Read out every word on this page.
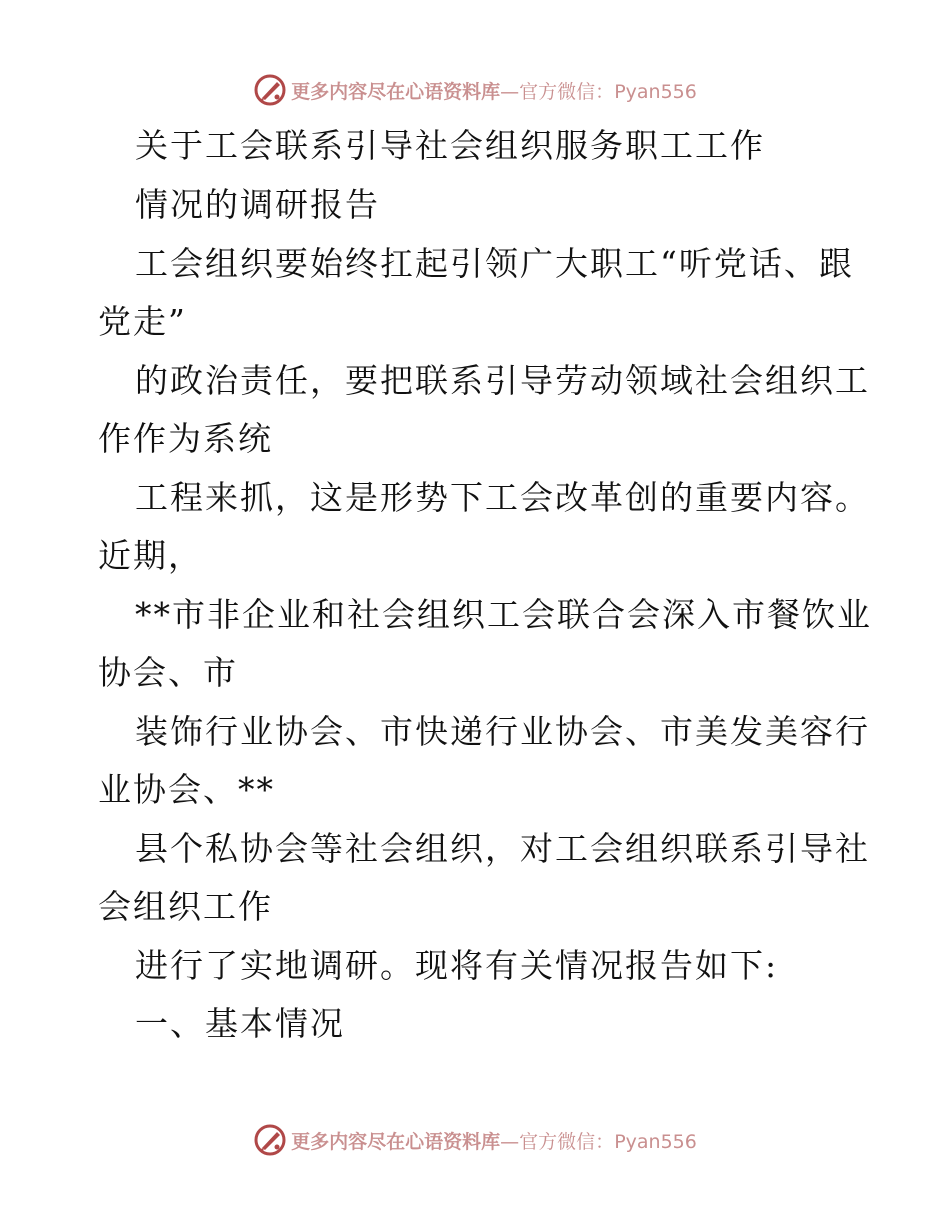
更多内容尽在心语资料库—官方微信：Pyan556
关于工会联系引导社会组织服务职工工作
情况的调研报告
工会组织要始终扛起引领广大职工“听党话、跟
党走”
的政治责任，要把联系引导劳动领域社会组织工
作作为系统
工程来抓，这是形势下工会改革创的重要内容。
近期，
**市非企业和社会组织工会联合会深入市餐饮业
协会、市
装饰行业协会、市快递行业协会、市美发美容行
业协会、**
县个私协会等社会组织，对工会组织联系引导社
会组织工作
进行了实地调研。现将有关情况报告如下:
一、基本情况
更多内容尽在心语资料库—官方微信：Pyan556
